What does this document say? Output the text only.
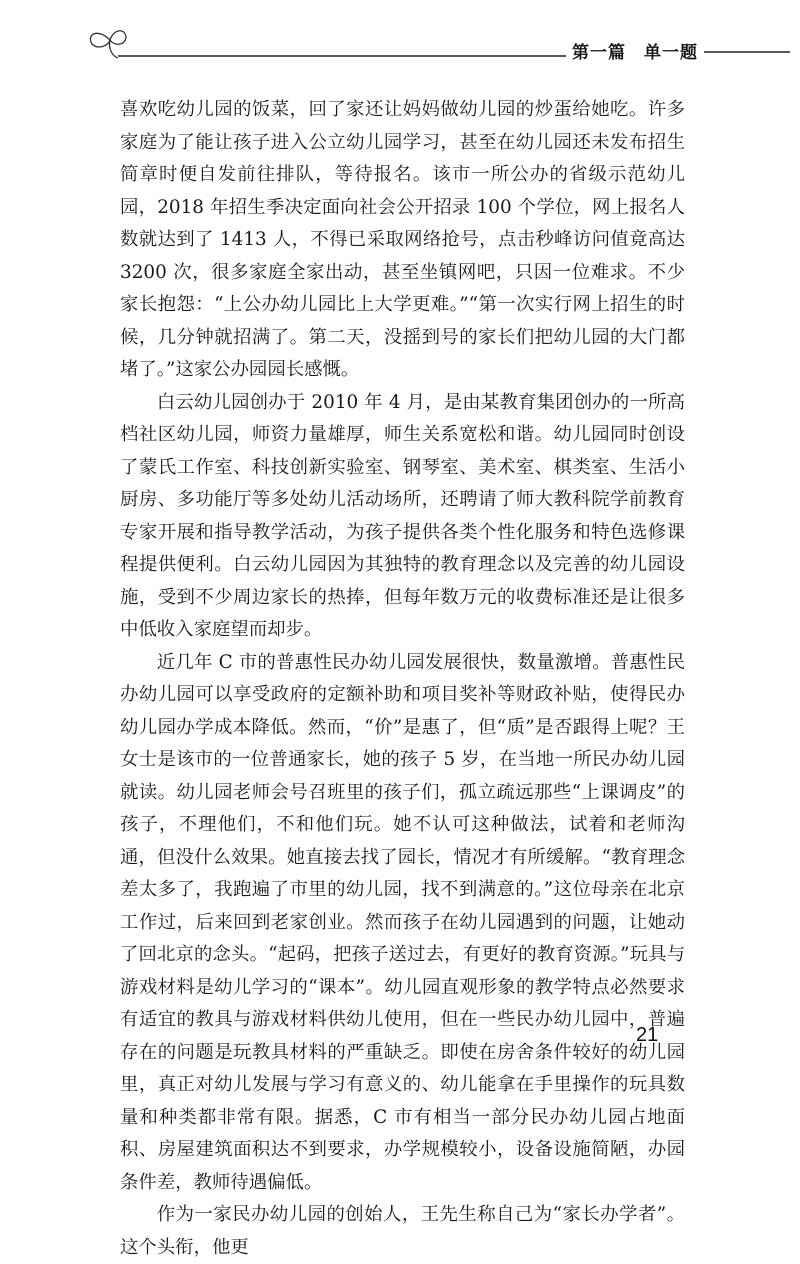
第一篇　单一题

喜欢吃幼儿园的饭菜，回了家还让妈妈做幼儿园的炒蛋给她吃。许多家庭为了能让孩子进入公立幼儿园学习，甚至在幼儿园还未发布招生简章时便自发前往排队，等待报名。该市一所公办的省级示范幼儿园，2018 年招生季决定面向社会公开招录 100 个学位，网上报名人数就达到了 1413 人，不得已采取网络抢号，点击秒峰访问值竟高达 3200 次，很多家庭全家出动，甚至坐镇网吧，只因一位难求。不少家长抱怨：“上公办幼儿园比上大学更难。”“第一次实行网上招生的时候，几分钟就招满了。第二天，没摇到号的家长们把幼儿园的大门都堵了。”这家公办园园长感慨。

白云幼儿园创办于 2010 年 4 月，是由某教育集团创办的一所高档社区幼儿园，师资力量雄厚，师生关系宽松和谐。幼儿园同时创设了蒙氏工作室、科技创新实验室、钢琴室、美术室、棋类室、生活小厨房、多功能厅等多处幼儿活动场所，还聘请了师大教科院学前教育专家开展和指导教学活动，为孩子提供各类个性化服务和特色选修课程提供便利。白云幼儿园因为其独特的教育理念以及完善的幼儿园设施，受到不少周边家长的热捧，但每年数万元的收费标准还是让很多中低收入家庭望而却步。

近几年 C 市的普惠性民办幼儿园发展很快，数量激增。普惠性民办幼儿园可以享受政府的定额补助和项目奖补等财政补贴，使得民办幼儿园办学成本降低。然而，“价”是惠了，但“质”是否跟得上呢？王女士是该市的一位普通家长，她的孩子 5 岁，在当地一所民办幼儿园就读。幼儿园老师会号召班里的孩子们，孤立疏远那些“上课调皮”的孩子，不理他们，不和他们玩。她不认可这种做法，试着和老师沟通，但没什么效果。她直接去找了园长，情况才有所缓解。“教育理念差太多了，我跑遍了市里的幼儿园，找不到满意的。”这位母亲在北京工作过，后来回到老家创业。然而孩子在幼儿园遇到的问题，让她动了回北京的念头。“起码，把孩子送过去，有更好的教育资源。”玩具与游戏材料是幼儿学习的“课本”。幼儿园直观形象的教学特点必然要求有适宜的教具与游戏材料供幼儿使用，但在一些民办幼儿园中，普遍存在的问题是玩教具材料的严重缺乏。即使在房舍条件较好的幼儿园里，真正对幼儿发展与学习有意义的、幼儿能拿在手里操作的玩具数量和种类都非常有限。据悉，C 市有相当一部分民办幼儿园占地面积、房屋建筑面积达不到要求，办学规模较小，设备设施简陋，办园条件差，教师待遇偏低。

作为一家民办幼儿园的创始人，王先生称自己为“家长办学者”。这个头衔，他更

21
